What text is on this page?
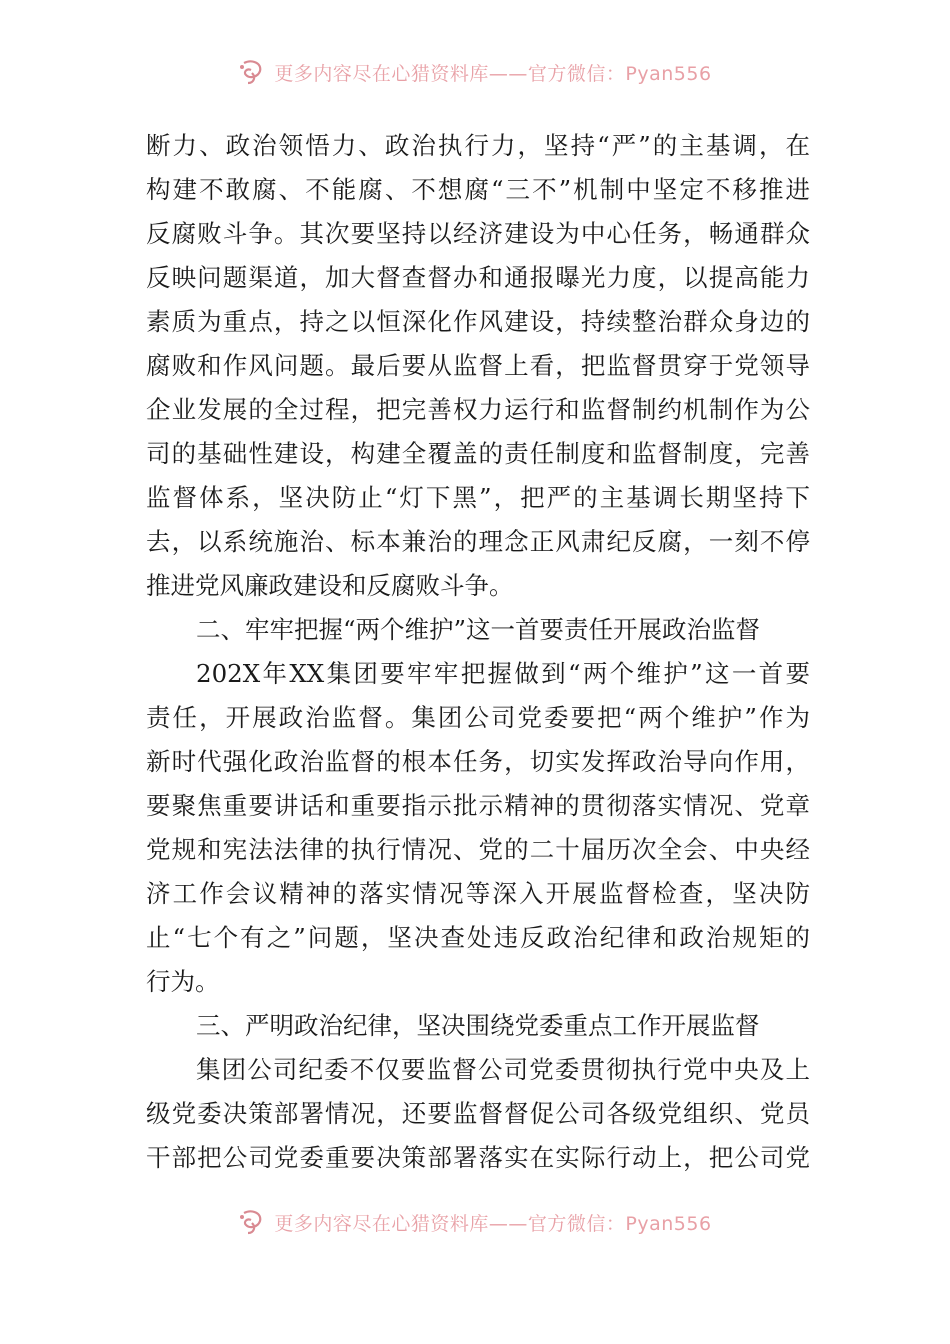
更多内容尽在心猎资料库——官方微信：Pyan556
断力、政治领悟力、政治执行力，坚持“严”的主基调，在
构建不敢腐、不能腐、不想腐“三不”机制中坚定不移推进
反腐败斗争。其次要坚持以经济建设为中心任务，畅通群众
反映问题渠道，加大督查督办和通报曝光力度，以提高能力
素质为重点，持之以恒深化作风建设，持续整治群众身边的
腐败和作风问题。最后要从监督上看，把监督贯穿于党领导
企业发展的全过程，把完善权力运行和监督制约机制作为公
司的基础性建设，构建全覆盖的责任制度和监督制度，完善
监督体系，坚决防止“灯下黑”，把严的主基调长期坚持下
去，以系统施治、标本兼治的理念正风肃纪反腐，一刻不停
推进党风廉政建设和反腐败斗争。
二、牢牢把握“两个维护”这一首要责任开展政治监督
202X年XX集团要牢牢把握做到“两个维护”这一首要
责任，开展政治监督。集团公司党委要把“两个维护”作为
新时代强化政治监督的根本任务，切实发挥政治导向作用，
要聚焦重要讲话和重要指示批示精神的贯彻落实情况、党章
党规和宪法法律的执行情况、党的二十届历次全会、中央经
济工作会议精神的落实情况等深入开展监督检查，坚决防
止“七个有之”问题，坚决查处违反政治纪律和政治规矩的
行为。
三、严明政治纪律，坚决围绕党委重点工作开展监督
集团公司纪委不仅要监督公司党委贯彻执行党中央及上
级党委决策部署情况，还要监督督促公司各级党组织、党员
干部把公司党委重要决策部署落实在实际行动上，把公司党
更多内容尽在心猎资料库——官方微信：Pyan556
